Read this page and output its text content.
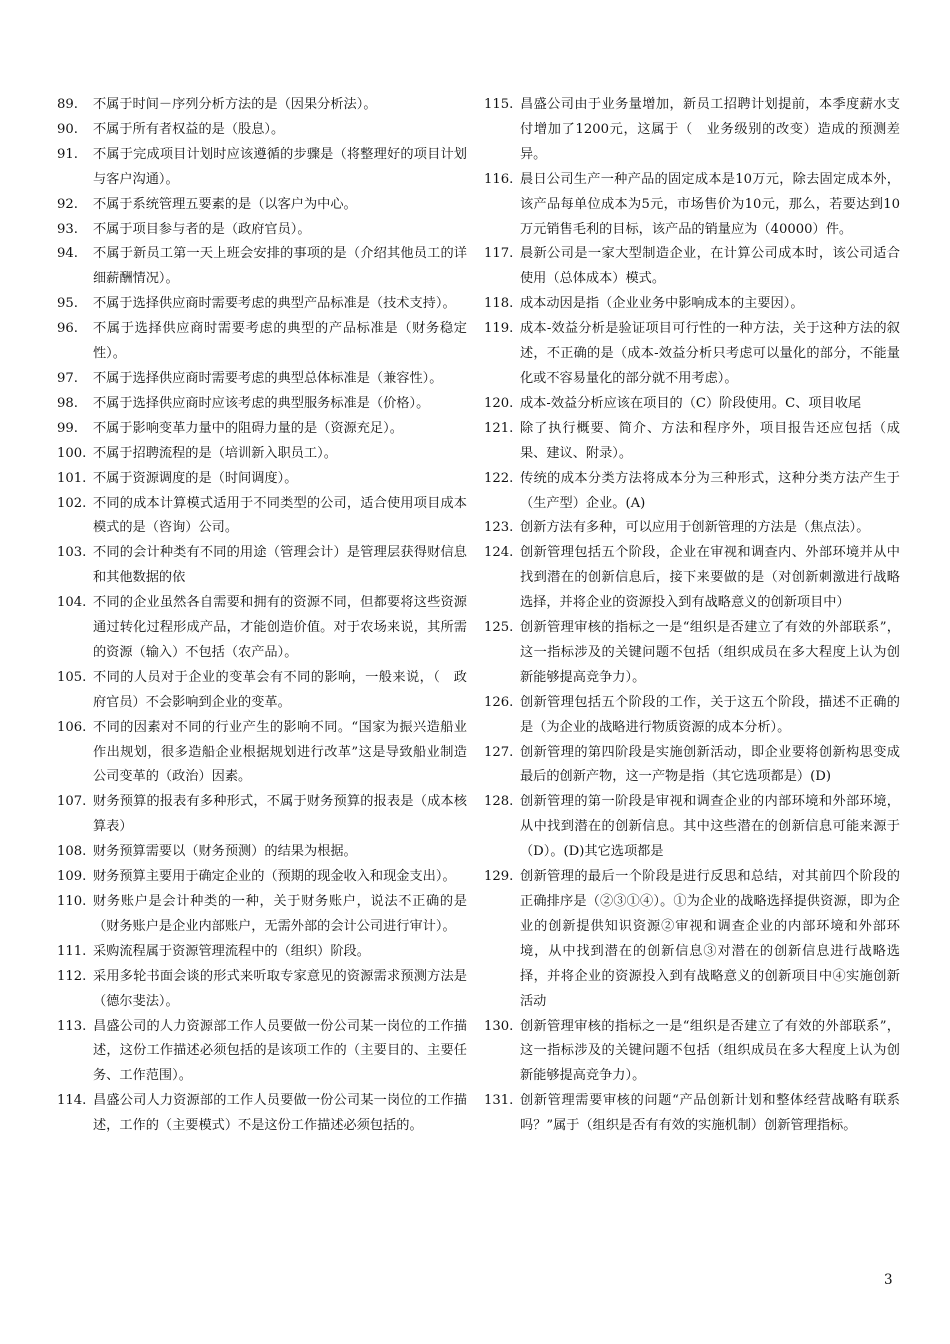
89.	不属于时间－序列分析方法的是（因果分析法）。
90.	不属于所有者权益的是（股息）。
91.	不属于完成项目计划时应该遵循的步骤是（将整理好的项目计划与客户沟通）。
92.	不属于系统管理五要素的是（以客户为中心。
93.	不属于项目参与者的是（政府官员）。
94.	不属于新员工第一天上班会安排的事项的是（介绍其他员工的详细薪酬情况）。
95.	不属于选择供应商时需要考虑的典型产品标准是（技术支持）。
96.	不属于选择供应商时需要考虑的典型的产品标准是（财务稳定性）。
97.	不属于选择供应商时需要考虑的典型总体标准是（兼容性）。
98.	不属于选择供应商时应该考虑的典型服务标准是（价格）。
99.	不属于影响变革力量中的阻碍力量的是（资源充足）。
100. 不属于招聘流程的是（培训新入职员工）。
101. 不属于资源调度的是（时间调度）。
102. 不同的成本计算模式适用于不同类型的公司，适合使用项目成本模式的是（咨询）公司。
103. 不同的会计种类有不同的用途（管理会计）是管理层获得财信息和其他数据的依
104. 不同的企业虽然各自需要和拥有的资源不同，但都要将这些资源通过转化过程形成产品，才能创造价值。对于农场来说，其所需的资源（输入）不包括（农产品）。
105. 不同的人员对于企业的变革会有不同的影响，一般来说，（　政府官员）不会影响到企业的变革。
106. 不同的因素对不同的行业产生的影响不同。“国家为振兴造船业作出规划，很多造船企业根据规划进行改革”这是导致船业制造公司变革的（政治）因素。
107. 财务预算的报表有多种形式，不属于财务预算的报表是（成本核算表）
108. 财务预算需要以（财务预测）的结果为根据。
109. 财务预算主要用于确定企业的（预期的现金收入和现金支出）。
110. 财务账户是会计种类的一种，关于财务账户，说法不正确的是（财务账户是企业内部账户，无需外部的会计公司进行审计）。
111. 采购流程属于资源管理流程中的（组织）阶段。
112. 采用多轮书面会谈的形式来听取专家意见的资源需求预测方法是（德尔斐法）。
113. 昌盛公司的人力资源部工作人员要做一份公司某一岗位的工作描述，这份工作描述必须包括的是该项工作的（主要目的、主要任务、工作范围）。
114. 昌盛公司人力资源部的工作人员要做一份公司某一岗位的工作描述，工作的（主要模式）不是这份工作描述必须包括的。
115. 昌盛公司由于业务量增加，新员工招聘计划提前，本季度薪水支付增加了1200元，这属于（　业务级别的改变）造成的预测差异。
116. 晨日公司生产一种产品的固定成本是10万元，除去固定成本外，该产品每单位成本为5元，市场售价为10元，那么，若要达到10万元销售毛利的目标，该产品的销量应为（40000）件。
117. 晨新公司是一家大型制造企业，在计算公司成本时，该公司适合使用（总体成本）模式。
118. 成本动因是指（企业业务中影响成本的主要因）。
119. 成本-效益分析是验证项目可行性的一种方法，关于这种方法的叙述，不正确的是（成本-效益分析只考虑可以量化的部分，不能量化或不容易量化的部分就不用考虑）。
120. 成本-效益分析应该在项目的（C）阶段使用。C、项目收尾
121. 除了执行概要、简介、方法和程序外，项目报告还应包括（成果、建议、附录）。
122. 传统的成本分类方法将成本分为三种形式，这种分类方法产生于（生产型）企业。(A)
123. 创新方法有多种，可以应用于创新管理的方法是（焦点法）。
124. 创新管理包括五个阶段，企业在审视和调查内、外部环境并从中找到潜在的创新信息后，接下来要做的是（对创新刺激进行战略选择，并将企业的资源投入到有战略意义的创新项目中）
125. 创新管理审核的指标之一是“组织是否建立了有效的外部联系”，这一指标涉及的关键问题不包括（组织成员在多大程度上认为创新能够提高竞争力）。
126. 创新管理包括五个阶段的工作，关于这五个阶段，描述不正确的是（为企业的战略进行物质资源的成本分析）。
127. 创新管理的第四阶段是实施创新活动，即企业要将创新构思变成最后的创新产物，这一产物是指（其它选项都是）(D)
128. 创新管理的第一阶段是审视和调查企业的内部环境和外部环境，从中找到潜在的创新信息。其中这些潜在的创新信息可能来源于（D）。(D)其它选项都是
129. 创新管理的最后一个阶段是进行反思和总结，对其前四个阶段的正确排序是（②③①④）。①为企业的战略选择提供资源，即为企业的创新提供知识资源②审视和调查企业的内部环境和外部环境，从中找到潜在的创新信息③对潜在的创新信息进行战略选择，并将企业的资源投入到有战略意义的创新项目中④实施创新活动
130. 创新管理审核的指标之一是“组织是否建立了有效的外部联系”，这一指标涉及的关键问题不包括（组织成员在多大程度上认为创新能够提高竞争力）。
131. 创新管理需要审核的问题“产品创新计划和整体经营战略有联系吗？”属于（组织是否有有效的实施机制）创新管理指标。
3
